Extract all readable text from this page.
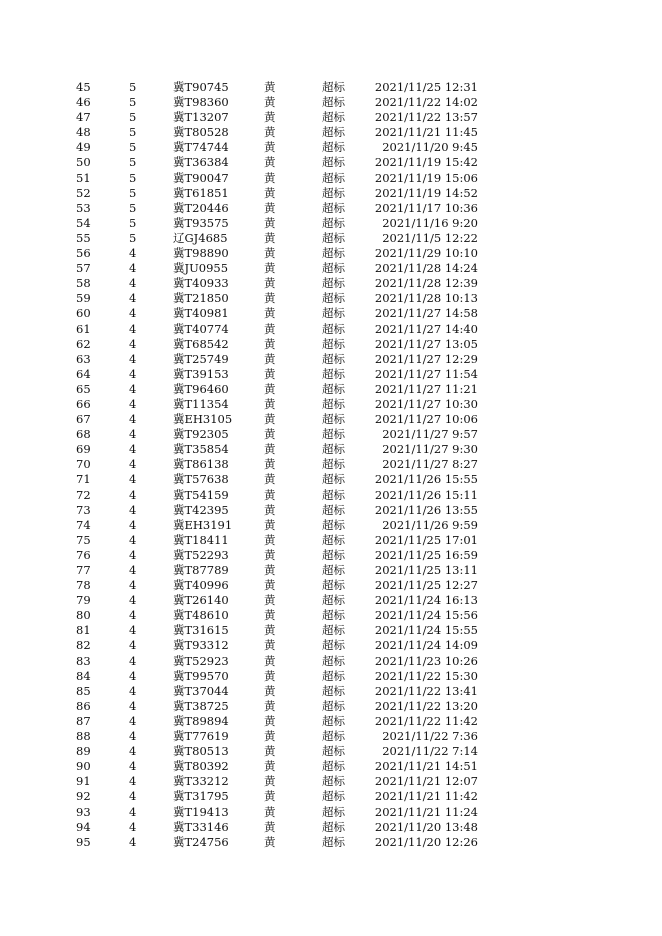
45	5	冀T90745	黄	超标	2021/11/25 12:31
46	5	冀T98360	黄	超标	2021/11/22 14:02
47	5	冀T13207	黄	超标	2021/11/22 13:57
48	5	冀T80528	黄	超标	2021/11/21 11:45
49	5	冀T74744	黄	超标	2021/11/20 9:45
50	5	冀T36384	黄	超标	2021/11/19 15:42
51	5	冀T90047	黄	超标	2021/11/19 15:06
52	5	冀T61851	黄	超标	2021/11/19 14:52
53	5	冀T20446	黄	超标	2021/11/17 10:36
54	5	冀T93575	黄	超标	2021/11/16 9:20
55	5	辽GJ4685	黄	超标	2021/11/5 12:22
56	4	冀T98890	黄	超标	2021/11/29 10:10
57	4	冀JU0955	黄	超标	2021/11/28 14:24
58	4	冀T40933	黄	超标	2021/11/28 12:39
59	4	冀T21850	黄	超标	2021/11/28 10:13
60	4	冀T40981	黄	超标	2021/11/27 14:58
61	4	冀T40774	黄	超标	2021/11/27 14:40
62	4	冀T68542	黄	超标	2021/11/27 13:05
63	4	冀T25749	黄	超标	2021/11/27 12:29
64	4	冀T39153	黄	超标	2021/11/27 11:54
65	4	冀T96460	黄	超标	2021/11/27 11:21
66	4	冀T11354	黄	超标	2021/11/27 10:30
67	4	冀EH3105	黄	超标	2021/11/27 10:06
68	4	冀T92305	黄	超标	2021/11/27 9:57
69	4	冀T35854	黄	超标	2021/11/27 9:30
70	4	冀T86138	黄	超标	2021/11/27 8:27
71	4	冀T57638	黄	超标	2021/11/26 15:55
72	4	冀T54159	黄	超标	2021/11/26 15:11
73	4	冀T42395	黄	超标	2021/11/26 13:55
74	4	冀EH3191	黄	超标	2021/11/26 9:59
75	4	冀T18411	黄	超标	2021/11/25 17:01
76	4	冀T52293	黄	超标	2021/11/25 16:59
77	4	冀T87789	黄	超标	2021/11/25 13:11
78	4	冀T40996	黄	超标	2021/11/25 12:27
79	4	冀T26140	黄	超标	2021/11/24 16:13
80	4	冀T48610	黄	超标	2021/11/24 15:56
81	4	冀T31615	黄	超标	2021/11/24 15:55
82	4	冀T93312	黄	超标	2021/11/24 14:09
83	4	冀T52923	黄	超标	2021/11/23 10:26
84	4	冀T99570	黄	超标	2021/11/22 15:30
85	4	冀T37044	黄	超标	2021/11/22 13:41
86	4	冀T38725	黄	超标	2021/11/22 13:20
87	4	冀T89894	黄	超标	2021/11/22 11:42
88	4	冀T77619	黄	超标	2021/11/22 7:36
89	4	冀T80513	黄	超标	2021/11/22 7:14
90	4	冀T80392	黄	超标	2021/11/21 14:51
91	4	冀T33212	黄	超标	2021/11/21 12:07
92	4	冀T31795	黄	超标	2021/11/21 11:42
93	4	冀T19413	黄	超标	2021/11/21 11:24
94	4	冀T33146	黄	超标	2021/11/20 13:48
95	4	冀T24756	黄	超标	2021/11/20 12:26
